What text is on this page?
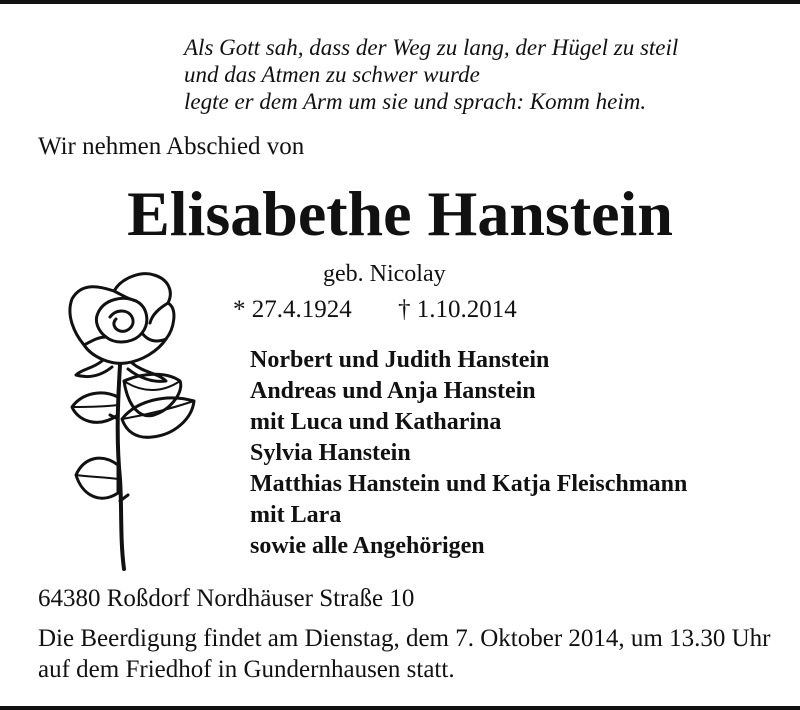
Als Gott sah, dass der Weg zu lang, der Hügel zu steil
und das Atmen zu schwer wurde
legte er dem Arm um sie und sprach: Komm heim.
Wir nehmen Abschied von
Elisabethe Hanstein
geb. Nicolay
* 27.4.1924 † 1.10.2014
Norbert und Judith Hanstein
Andreas und Anja Hanstein
mit Luca und Katharina
Sylvia Hanstein
Matthias Hanstein und Katja Fleischmann
mit Lara
sowie alle Angehörigen
64380 Roßdorf Nordhäuser Straße 10
Die Beerdigung findet am Dienstag, dem 7. Oktober 2014, um 13.30 Uhr auf dem Friedhof in Gundernhausen statt.
